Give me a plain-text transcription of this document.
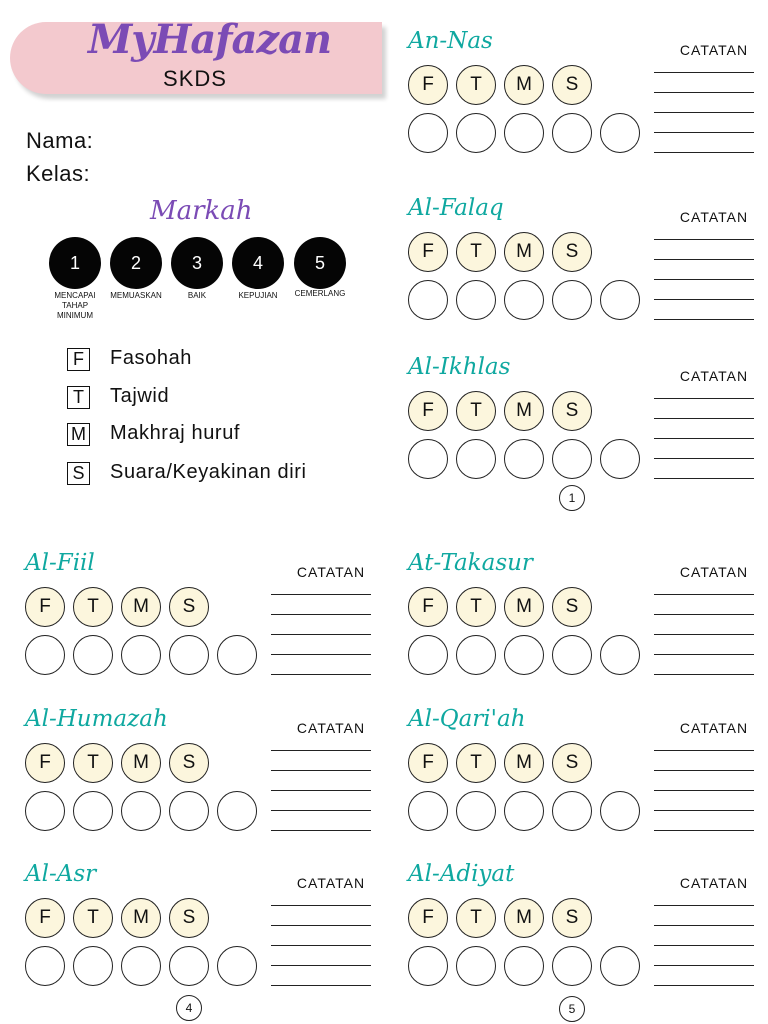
MyHafazan
SKDS
Nama:
Kelas:
Markah
1	2	3	4	5
MENCAPAI
TAHAP
MINIMUM
MEMUASKAN	BAIK	KEPUJIAN	CEMERLANG
F	Fasohah
T	Tajwid
M Makhraj huruf
S Suara/Keyakinan diri
An-Nas	CATATAN
F	T	M	S
Al-Falaq	CATATAN
F	T	M	S
Al-Ikhlas	CATATAN
F	T	M	S
Al-Fiil	CATATAN
F	T	M	S
At-Takasur	CATATAN
F	T	M	S
Al-Humazah	CATATAN
F	T	M	S
Al-Qari'ah	CATATAN
F	T	M	S
Al-Asr	CATATAN
F	T	M	S
Al-Adiyat	CATATAN
F	T	M	S
1
4	5
